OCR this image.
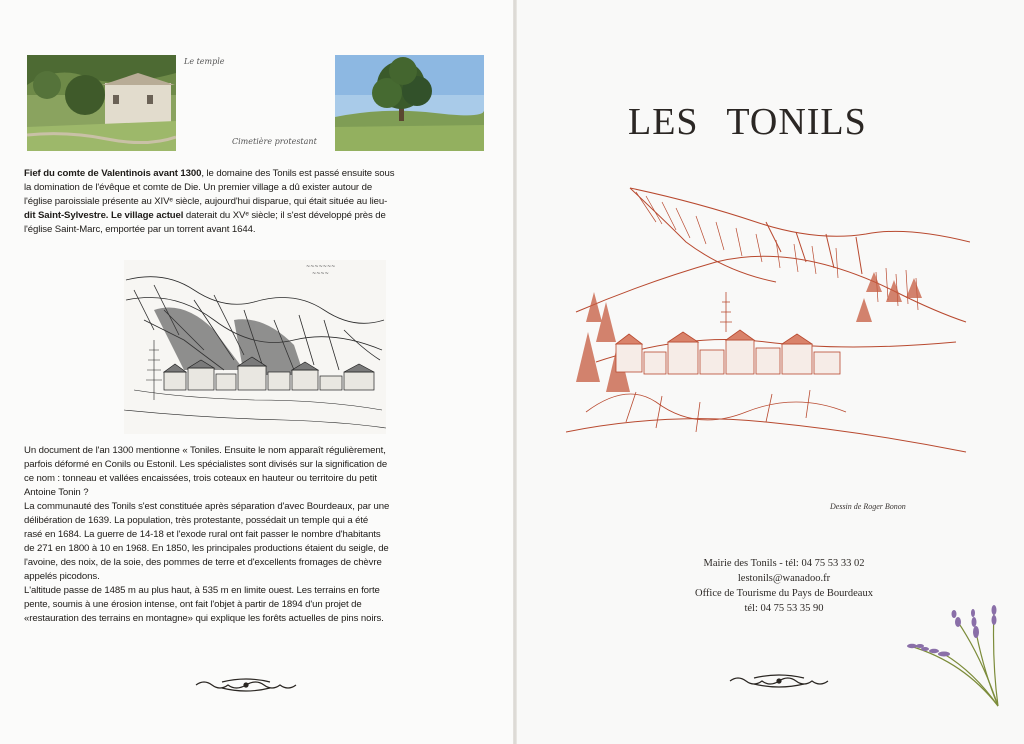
Le temple
Cimetière protestant
Fief du comte de Valentinois avant 1300, le domaine des Tonils est passé ensuite sous
la domination de l'évêque et comte de Die. Un premier village a dû exister autour de
l'église paroissiale présente au XIVᵉ siècle, aujourd'hui disparue, qui était située au lieu-
dit Saint-Sylvestre. Le village actuel daterait du XVᵉ siècle; il s'est développé près de
l'église Saint-Marc, emportée par un torrent avant 1644.
~~~~~~~
~~~~
Un document de l'an 1300 mentionne « Toniles. Ensuite le nom apparaît régulièrement,
parfois déformé en Conils ou Estonil. Les spécialistes sont divisés sur la signification de
ce nom : tonneau et vallées encaissées, trois coteaux en hauteur ou territoire du petit
Antoine Tonin ?
La communauté des Tonils s'est constituée après séparation d'avec Bourdeaux, par une
délibération de 1639. La population, très protestante, possédait un temple qui a été
rasé en 1684. La guerre de 14-18 et l'exode rural ont fait passer le nombre d'habitants
de 271 en 1800 à 10 en 1968. En 1850, les principales productions étaient du seigle, de
l'avoine, des noix, de la soie, des pommes de terre et d'excellents fromages de chèvre
appelés picodons.
L'altitude passe de 1485 m au plus haut, à 535 m en limite ouest. Les terrains en forte
pente, soumis à une érosion intense, ont fait l'objet à partir de 1894 d'un projet de
«restauration des terrains en montagne» qui explique les forêts actuelles de pins noirs.
LES TONILS
Dessin de Roger Bonon
Mairie des Tonils - tél: 04 75 53 33 02
lestonils@wanadoo.fr
Office de Tourisme du Pays de Bourdeaux
tél: 04 75 53 35 90
